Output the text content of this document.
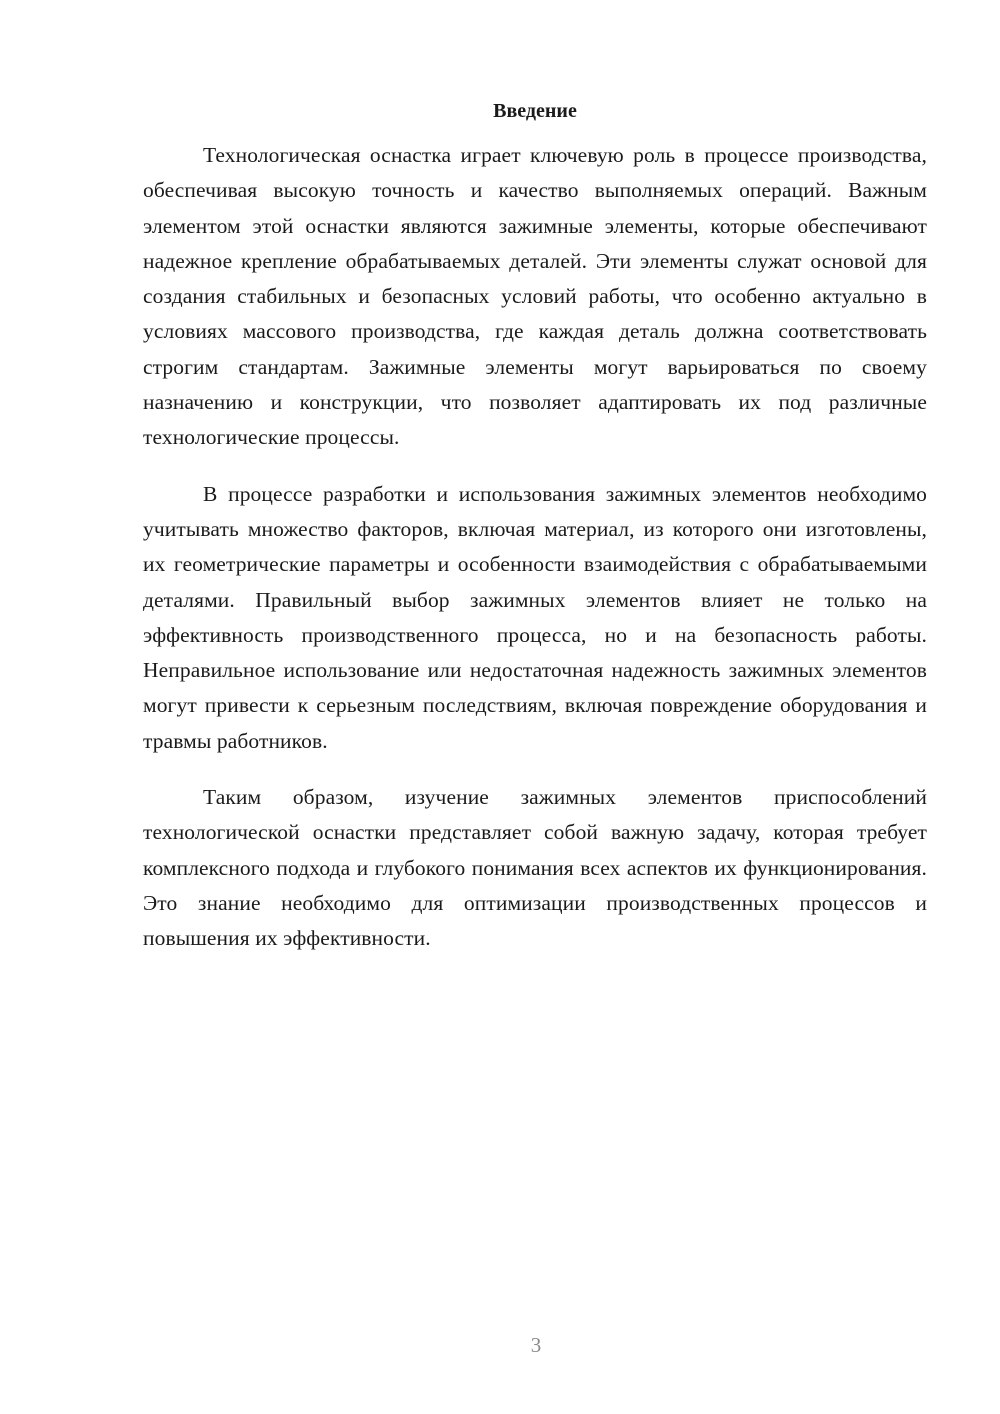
Введение

Технологическая оснастка играет ключевую роль в процессе производства, обеспечивая высокую точность и качество выполняемых операций. Важным элементом этой оснастки являются зажимные элементы, которые обеспечивают надежное крепление обрабатываемых деталей. Эти элементы служат основой для создания стабильных и безопасных условий работы, что особенно актуально в условиях массового производства, где каждая деталь должна соответствовать строгим стандартам. Зажимные элементы могут варьироваться по своему назначению и конструкции, что позволяет адаптировать их под различные технологические процессы.

В процессе разработки и использования зажимных элементов необходимо учитывать множество факторов, включая материал, из которого они изготовлены, их геометрические параметры и особенности взаимодействия с обрабатываемыми деталями. Правильный выбор зажимных элементов влияет не только на эффективность производственного процесса, но и на безопасность работы. Неправильное использование или недостаточная надежность зажимных элементов могут привести к серьезным последствиям, включая повреждение оборудования и травмы работников.

Таким образом, изучение зажимных элементов приспособлений технологической оснастки представляет собой важную задачу, которая требует комплексного подхода и глубокого понимания всех аспектов их функционирования. Это знание необходимо для оптимизации производственных процессов и повышения их эффективности.

3
